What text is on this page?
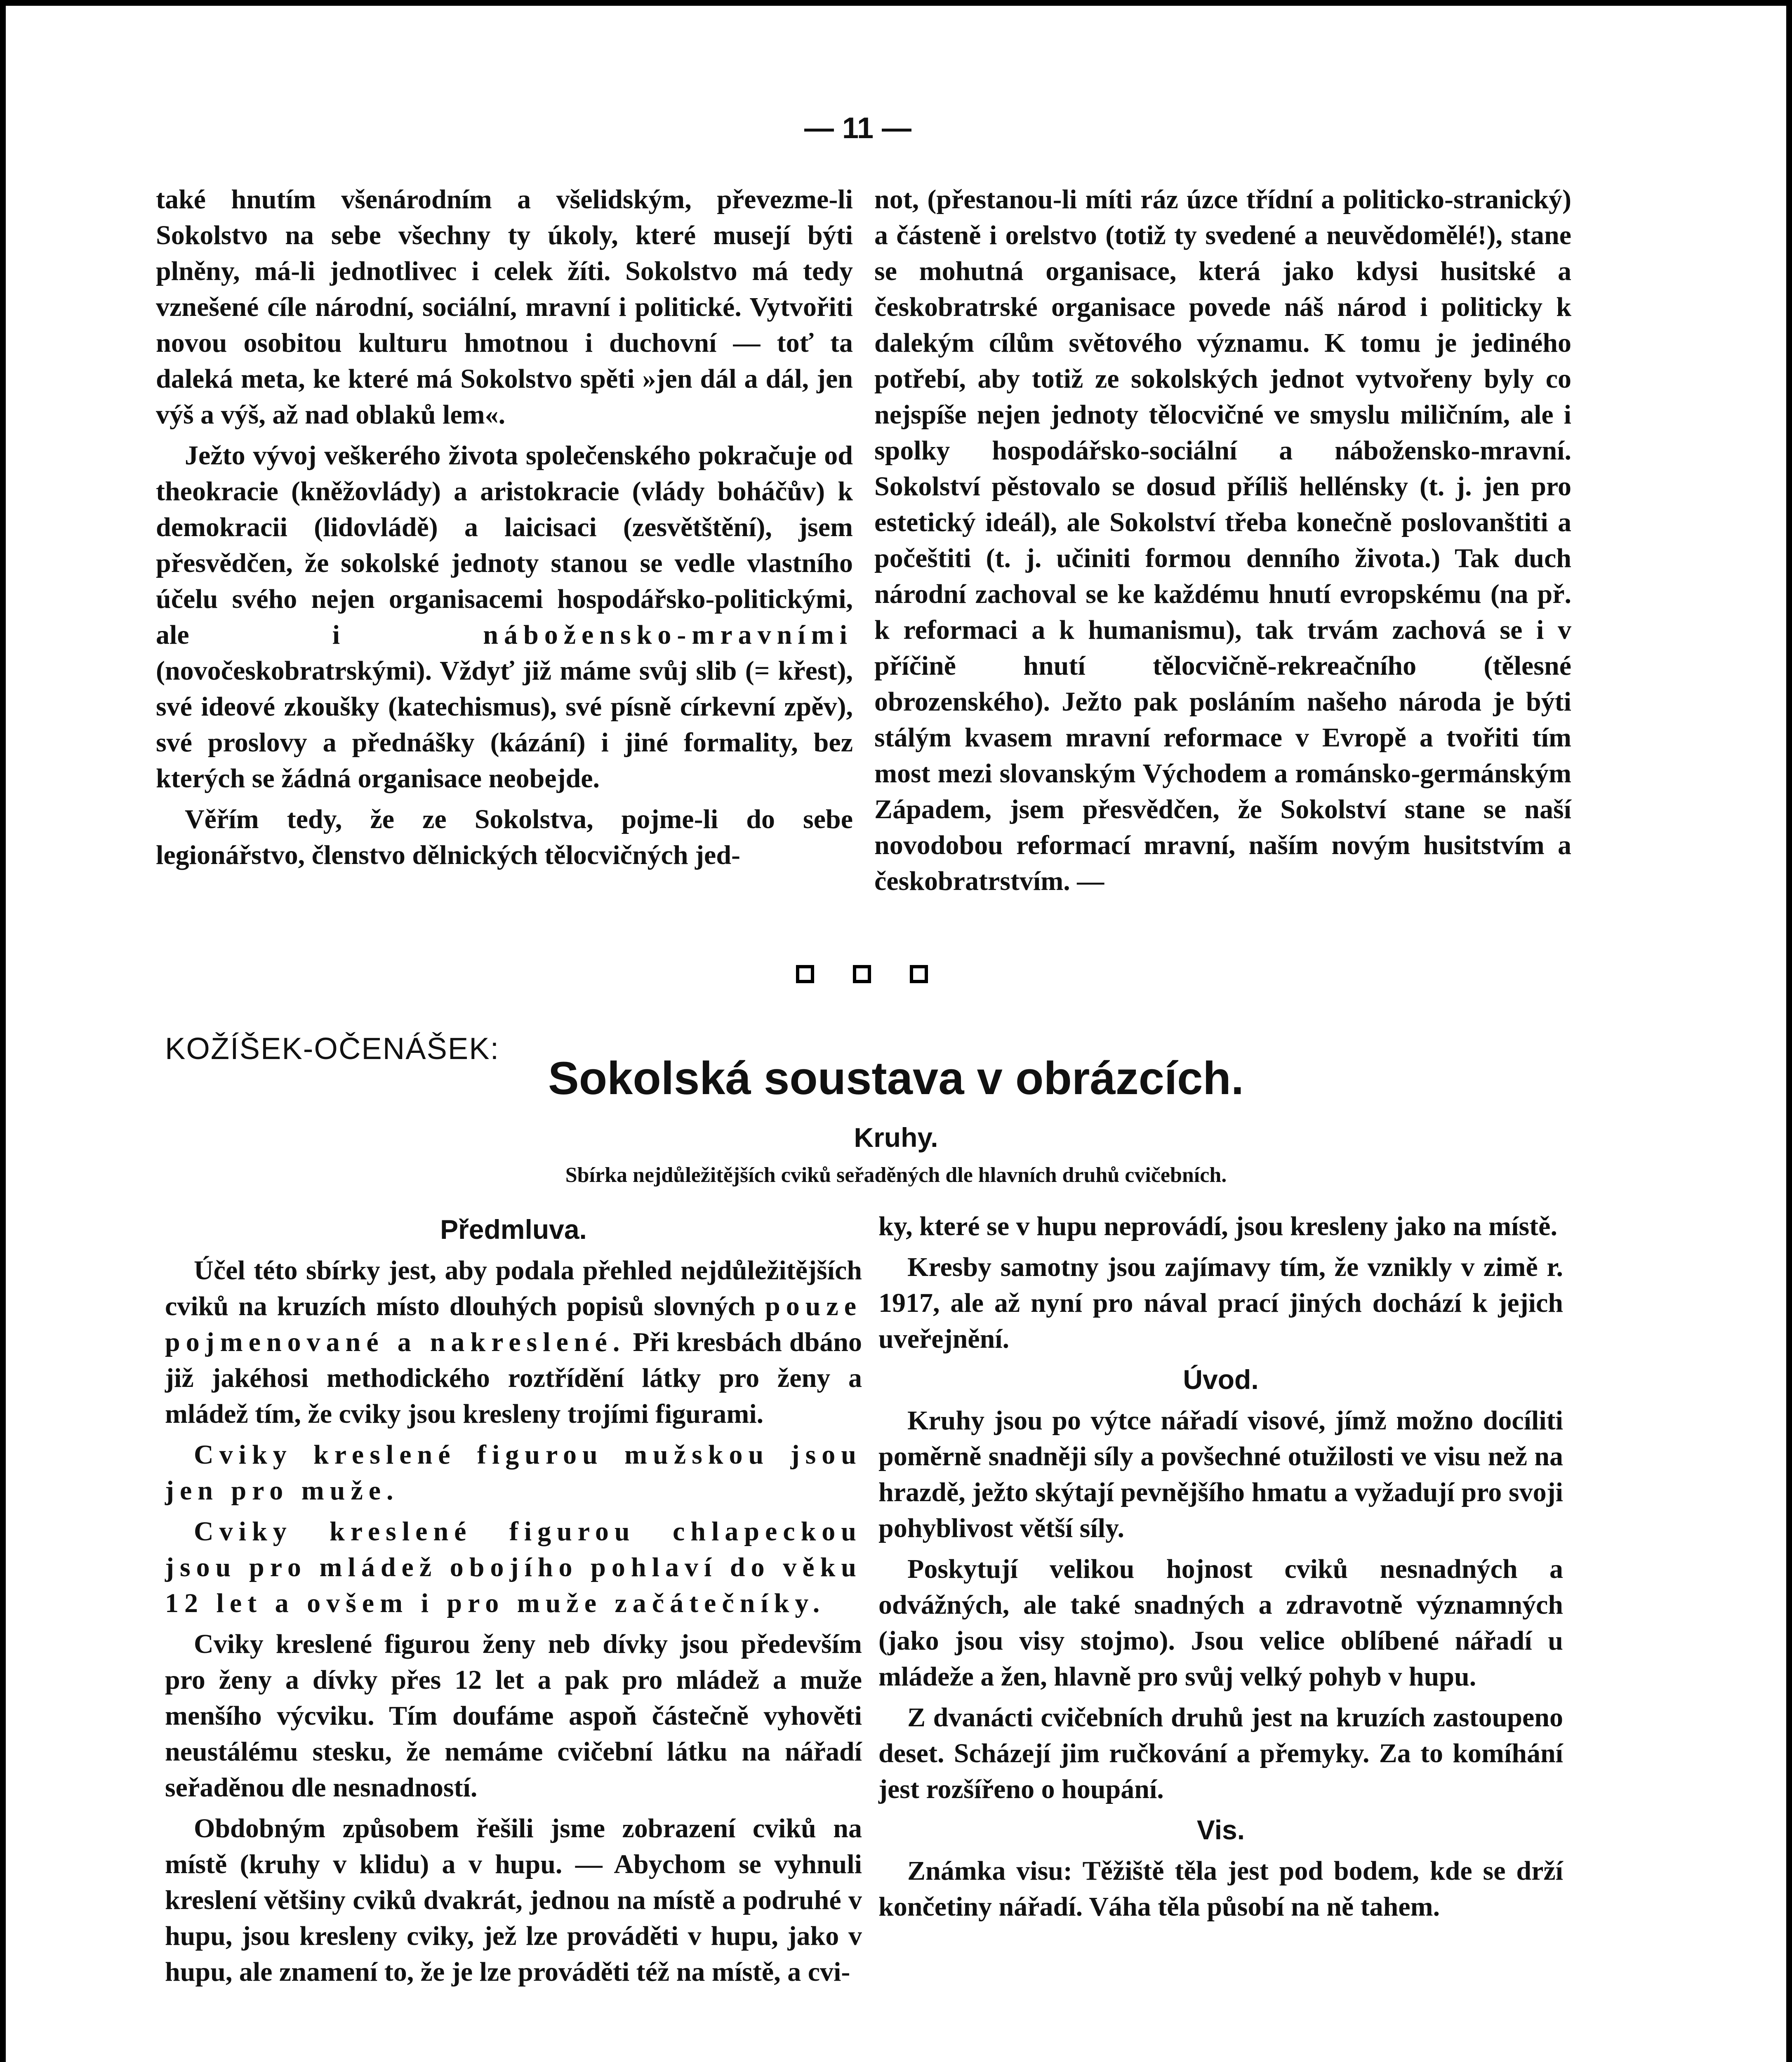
— 11 —

také hnutím všenárodním a všelidským, převezme-li Sokolstvo na sebe všechny ty úkoly, které musejí býti plněny, má-li jednotlivec i celek žíti. Sokolstvo má tedy vznešené cíle národní, sociální, mravní i politické. Vytvořiti novou osobitou kulturu hmotnou i duchovní — toť ta daleká meta, ke které má Sokolstvo spěti »jen dál a dál, jen výš a výš, až nad oblaků lem«.

Ježto vývoj veškerého života společenského pokračuje od theokracie (kněžovlády) a aristokracie (vlády boháčův) k demokracii (lidovládě) a laicisaci (zesvětštění), jsem přesvědčen, že sokolské jednoty stanou se vedle vlastního účelu svého nejen organisacemi hospodářsko-politickými, ale i	náboženskо-mravními (novočeskobratrskými). Vždyť již máme svůj slib (= křest), své ideové zkoušky (katechismus), své písně církevní zpěv), své proslovy a přednášky (kázání) i jiné formality, bez kterých se žádná organisace neobejde.

Věřím tedy, že ze Sokolstva, pojme-li do sebe legionářstvo, členstvo dělnických tělocvičných jed-

not, (přestanou-li míti ráz úzce třídní a politicko-stranický) a částeně i orelstvo (totiž ty svedené a neuvědomělé!), stane se mohutná organisace, která jako kdysi husitské a českobratrské organisace povede náš národ i politicky k dalekým cílům světového významu. K tomu je jediného potřebí, aby totiž ze sokolských jednot vytvořeny byly co nejspíše nejen jednoty tělocvičné ve smyslu miličním, ale i spolky hospodářsko-sociální a náboženskо-mravní. Sokolství pěstovalo se dosud příliš hellénsky (t. j. jen pro estetický ideál), ale Sokolství třeba konečně poslovanštiti a počeštiti (t. j. učiniti formou denního života.) Tak duch národní zachoval se ke každému hnutí evropskému (na př. k reformaci a k humanismu), tak trvám zachová se i v příčině hnutí tělocvičně-rekreačního (tělesné obrozenského). Ježto pak posláním našeho národa je býti stálým kvasem mravní reformace v Evropě a tvořiti tím most mezi slovanským Východem a románsko-germánským Západem, jsem přesvědčen, že Sokolství stane se naší novodobou reformací mravní, naším novým husitstvím a českobratrstvím. —

KOŽÍŠEK-OČENÁŠEK:
Sokolská soustava v obrázcích.
Kruhy.
Sbírka nejdůležitějších cviků seřaděných dle hlavních druhů cvičebních.
Předmluva.

Účel této sbírky jest, aby podala přehled nejdůležitějších cviků na kruzích místo dlouhých popisů slovných pouze pojmenované a nakreslené. Při kresbách dbáno již jakéhosi methodického roztřídění látky pro ženy a mládež tím, že cviky jsou kresleny trojími figurami.

Cviky kreslené figurou mužskou jsou jen pro muže.

Cviky kreslené figurou chlapeckou jsou pro mládež obojího pohlaví do věku 12 let a ovšem i pro muže začátečníky.

Cviky kreslené figurou ženy neb dívky jsou především pro ženy a dívky přes 12 let a pak pro mládež a muže menšího výcviku. Tím doufáme aspoň částečně vyhověti neustálému stesku, že nemáme cvičební látku na nářadí seřaděnou dle nesnadností.

Obdobným způsobem řešili jsme zobrazení cviků na místě (kruhy v klidu) a v hupu. — Abychom se vyhnuli kreslení většiny cviků dvakrát, jednou na místě a podruhé v hupu, jsou kresleny cviky, jež lze prováděti v hupu, jako v hupu, ale znamení to, že je lze prováděti též na místě, a cvi-

ky, které se v hupu neprovádí, jsou kresleny jako na místě.

Kresby samotny jsou zajímavy tím, že vznikly v zimě r. 1917, ale až nyní pro nával prací jiných dochází k jejich uveřejnění.

Úvod.

Kruhy jsou po výtce nářadí visové, jímž možno docíliti poměrně snadněji síly a povšechné otužilosti ve visu než na hrazdě, ježto skýtají pevnějšího hmatu a vyžadují pro svoji pohyblivost větší síly.

Poskytují velikou hojnost cviků nesnadných a odvážných, ale také snadných a zdravotně významných (jako jsou visy stojmo). Jsou velice oblíbené nářadí u mládeže a žen, hlavně pro svůj velký pohyb v hupu.

Z dvanácti cvičebních druhů jest na kruzích zastoupeno deset. Scházejí jim ručkování a přemyky. Za to komíhání jest rozšířeno o houpání.

Vis.

Známka visu: Těžiště těla jest pod bodem, kde se drží končetiny nářadí. Váha těla působí na ně tahem.
